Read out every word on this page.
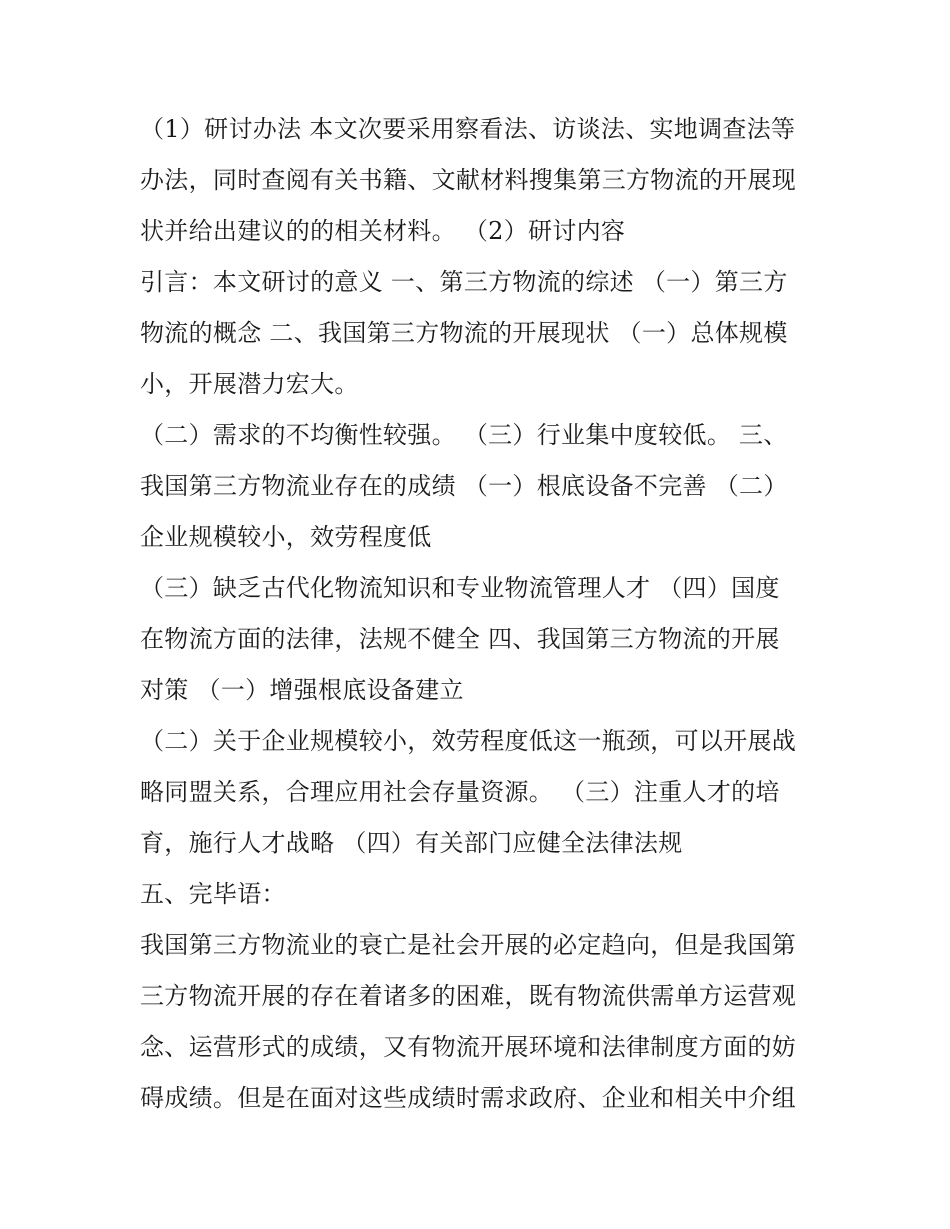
（1）研讨办法 本文次要采用察看法、访谈法、实地调查法等
办法，同时查阅有关书籍、文献材料搜集第三方物流的开展现
状并给出建议的的相关材料。 （2）研讨内容
引言：本文研讨的意义 一、第三方物流的综述 （一）第三方
物流的概念 二、我国第三方物流的开展现状 （一）总体规模
小，开展潜力宏大。
（二）需求的不均衡性较强。 （三）行业集中度较低。 三、
我国第三方物流业存在的成绩 （一）根底设备不完善 （二）
企业规模较小，效劳程度低
（三）缺乏古代化物流知识和专业物流管理人才 （四）国度
在物流方面的法律，法规不健全 四、我国第三方物流的开展
对策 （一）增强根底设备建立
（二）关于企业规模较小，效劳程度低这一瓶颈，可以开展战
略同盟关系，合理应用社会存量资源。 （三）注重人才的培
育，施行人才战略 （四）有关部门应健全法律法规
五、完毕语：
我国第三方物流业的衰亡是社会开展的必定趋向，但是我国第
三方物流开展的存在着诸多的困难，既有物流供需单方运营观
念、运营形式的成绩，又有物流开展环境和法律制度方面的妨
碍成绩。但是在面对这些成绩时需求政府、企业和相关中介组
